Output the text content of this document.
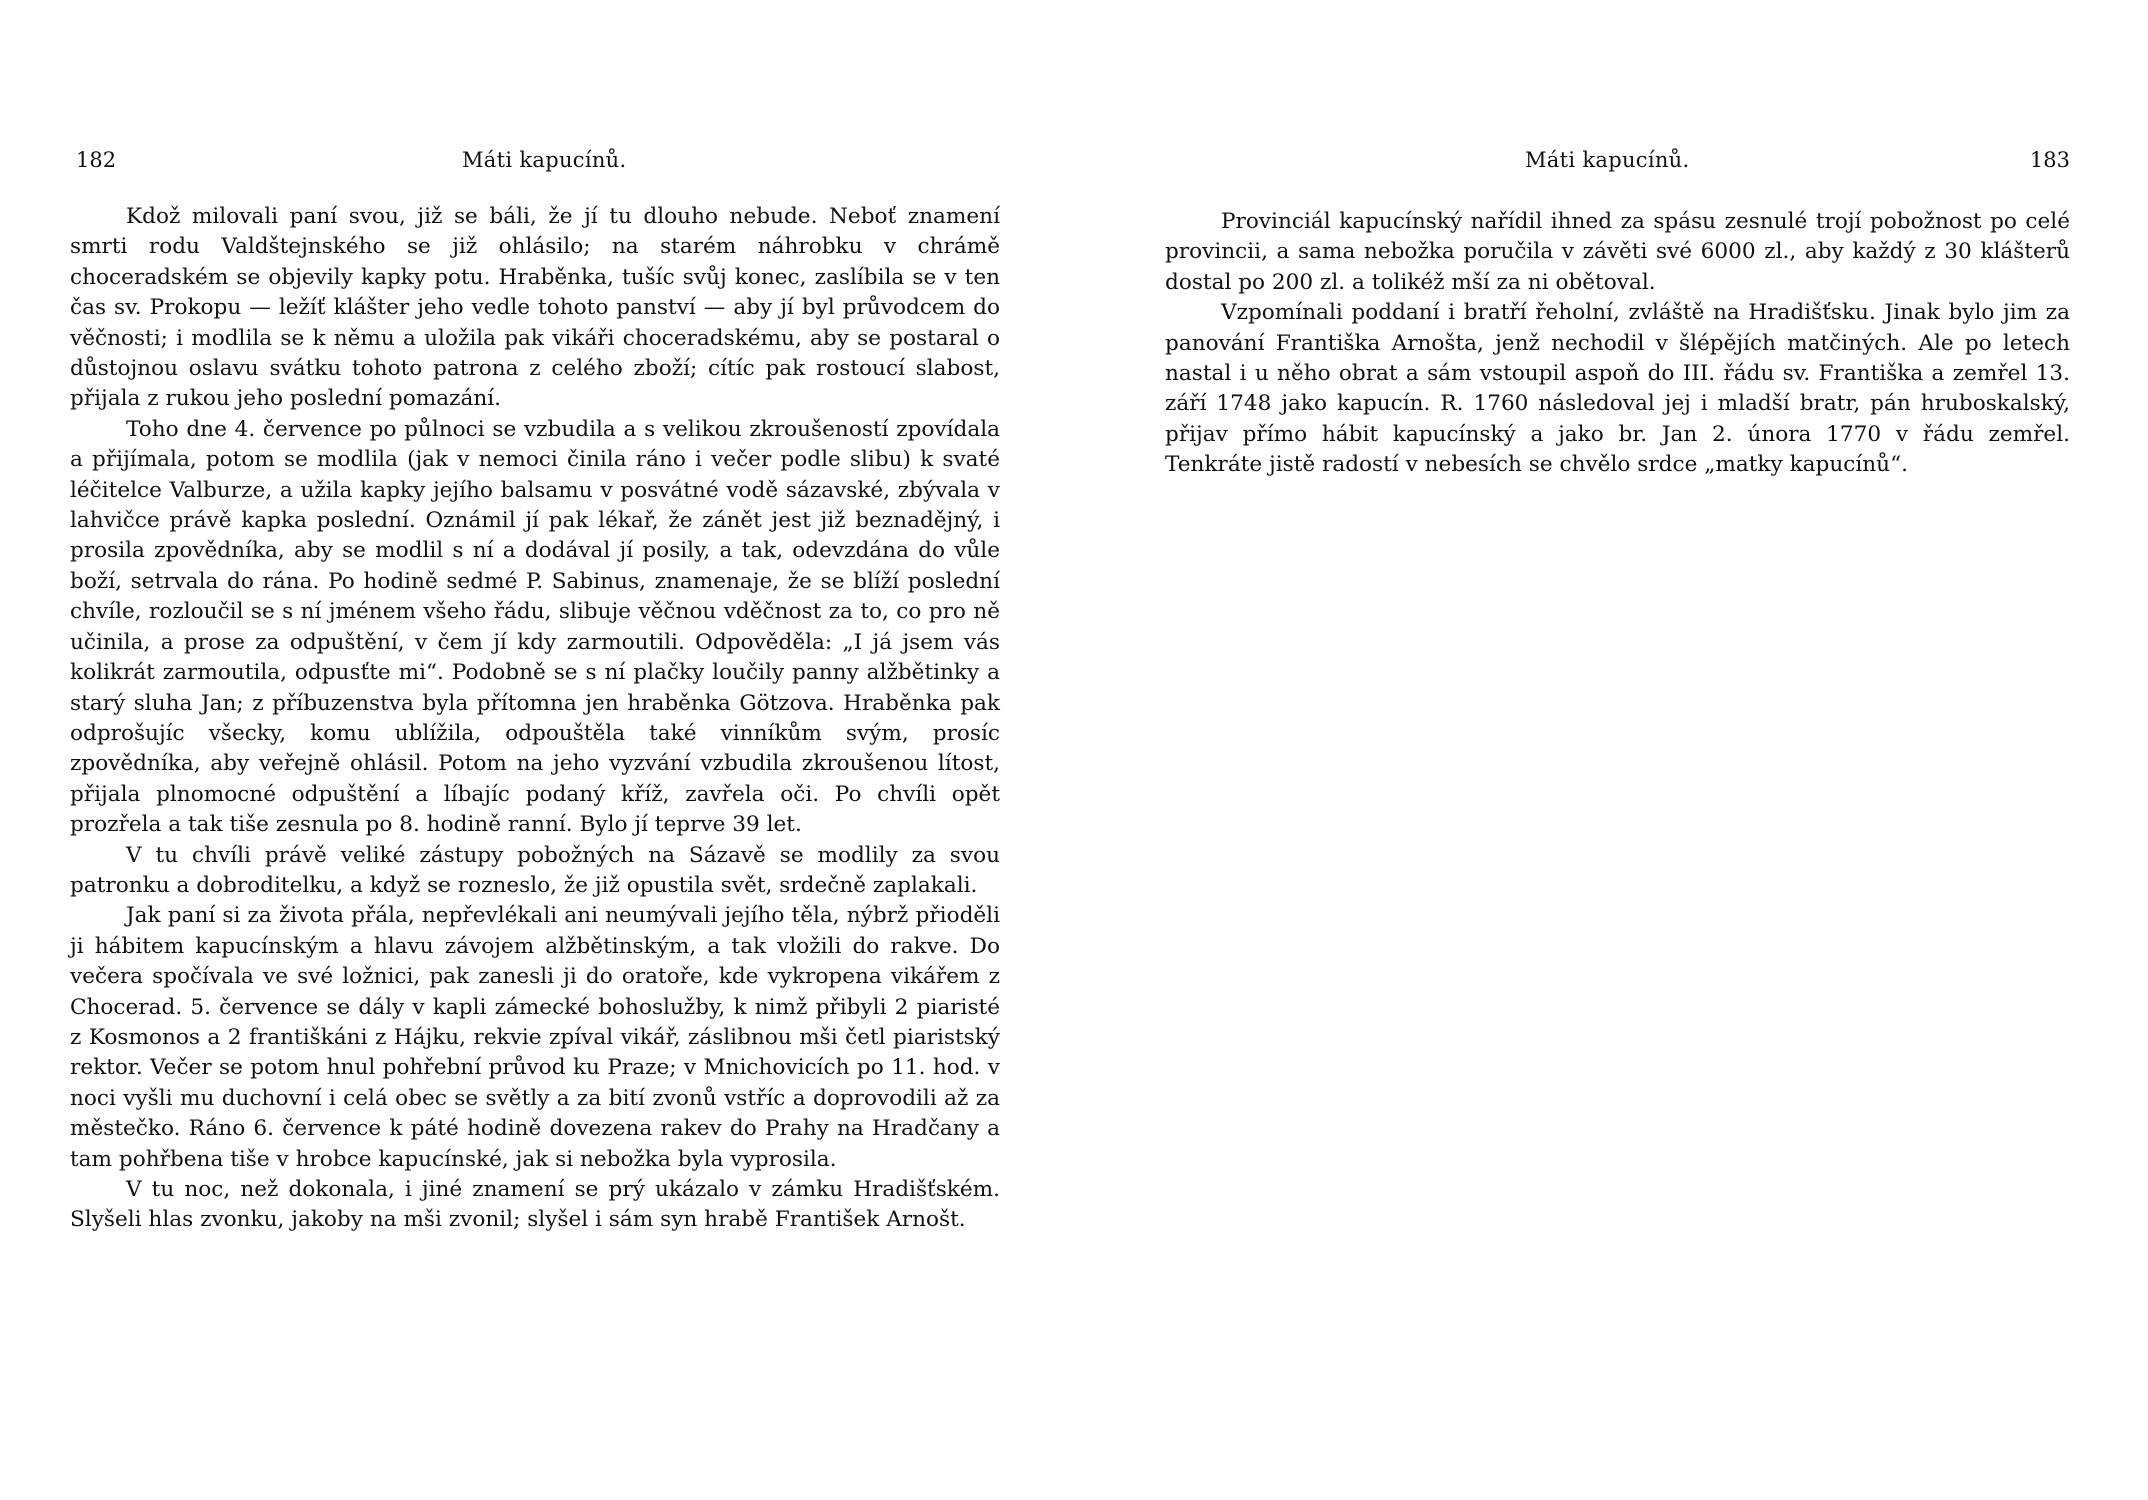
182	Máti kapucínů.

Kdož milovali paní svou, již se báli, že jí tu dlouho nebude. Neboť znamení smrti rodu Valdštejnského se již ohlásilo; na starém náhrobku v chrámě choceradském se objevily kapky potu. Hraběnka, tušíc svůj konec, zaslíbila se v ten čas sv. Prokopu — ležíť klášter jeho vedle tohoto panství — aby jí byl průvodcem do věčnosti; i modlila se k němu a uložila pak vikáři choceradskému, aby se postaral o důstojnou oslavu svátku tohoto patrona z celého zboží; cítíc pak rostoucí slabost, přijala z rukou jeho poslední pomazání.

Toho dne 4. července po půlnoci se vzbudila a s velikou zkroušeností zpovídala a přijímala, potom se modlila (jak v nemoci činila ráno i večer podle slibu) k svaté léčitelce Valburze, a užila kapky jejího balsamu v posvátné vodě sázavské, zbývala v lahvičce právě kapka poslední. Oznámil jí pak lékař, že zánět jest již beznadějný, i prosila zpovědníka, aby se modlil s ní a dodával jí posily, a tak, odevzdána do vůle boží, setrvala do rána. Po hodině sedmé P. Sabinus, znamenaje, že se blíží poslední chvíle, rozloučil se s ní jménem všeho řádu, slibuje věčnou vděčnost za to, co pro ně učinila, a prose za odpuštění, v čem jí kdy zarmoutili. Odpověděla: „I já jsem vás kolikrát zarmoutila, odpusťte mi“. Podobně se s ní plačky loučily panny alžbětinky a starý sluha Jan; z příbuzenstva byla přítomna jen hraběnka Götzova. Hraběnka pak odprošujíc všecky, komu ublížila, odpouštěla také vinníkům svým, prosíc zpovědníka, aby veřejně ohlásil. Potom na jeho vyzvání vzbudila zkroušenou lítost, přijala plnomocné odpuštění a líbajíc podaný kříž, zavřela oči. Po chvíli opět prozřela a tak tiše zesnula po 8. hodině ranní. Bylo jí teprve 39 let.

V tu chvíli právě veliké zástupy pobožných na Sázavě se modlily za svou patronku a dobroditelku, a když se rozneslo, že již opustila svět, srdečně zaplakali.

Jak paní si za života přála, nepřevlékali ani neumývali jejího těla, nýbrž přioděli ji hábitem kapucínským a hlavu závojem alžbětinským, a tak vložili do rakve. Do večera spočívala ve své ložnici, pak zanesli ji do oratoře, kde vykropena vikářem z Chocerad. 5. července se dály v kapli zámecké bohoslužby, k nimž přibyli 2 piaristé z Kosmonos a 2 františkáni z Hájku, rekvie zpíval vikář, záslibnou mši četl piaristský rektor. Večer se potom hnul pohřební průvod ku Praze; v Mnichovicích po 11. hod. v noci vyšli mu duchovní i celá obec se světly a za bití zvonů vstříc a doprovodili až za městečko. Ráno 6. července k páté hodině dovezena rakev do Prahy na Hradčany a tam pohřbena tiše v hrobce kapucínské, jak si nebožka byla vyprosila.

V tu noc, než dokonala, i jiné znamení se prý ukázalo v zámku Hradišťském. Slyšeli hlas zvonku, jakoby na mši zvonil; slyšel i sám syn hrabě František Arnošt.

Máti kapucínů.	183

Provinciál kapucínský nařídil ihned za spásu zesnulé trojí pobožnost po celé provincii, a sama nebožka poručila v závěti své 6000 zl., aby každý z 30 klášterů dostal po 200 zl. a tolikéž mší za ni obětoval.

Vzpomínali poddaní i bratří řeholní, zvláště na Hradišťsku. Jinak bylo jim za panování Františka Arnošta, jenž nechodil v šlépějích matčiných. Ale po letech nastal i u něho obrat a sám vstoupil aspoň do III. řádu sv. Františka a zemřel 13. září 1748 jako kapucín. R. 1760 následoval jej i mladší bratr, pán hruboskalský, přijav přímo hábit kapucínský a jako br. Jan 2. února 1770 v řádu zemřel. Tenkráte jistě radostí v nebesích se chvělo srdce „matky kapucínů“.
